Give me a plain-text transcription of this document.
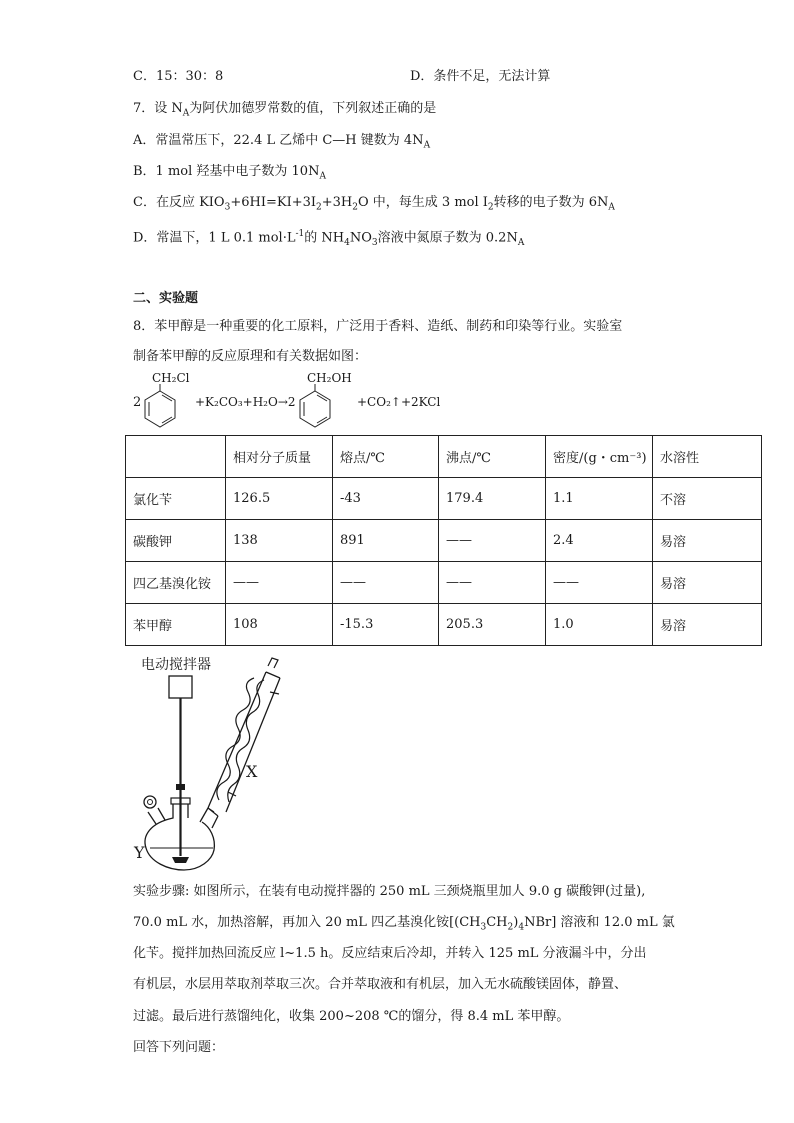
C．15：30：8	D．条件不足，无法计算
7．设 $N_A$为阿伏加德罗常数的值，下列叙述正确的是
A．常温常压下，22.4 L 乙烯中 C—H 键数为 $4N_A$
B．1 mol 羟基中电子数为 $10N_A$
C．在反应 $KIO_3+6HI=KI+3I_2+3H_2O$ 中，每生成 3 mol $I_2$转移的电子数为 $6N_A$
D．常温下，1 L 0.1 $mol\cdot L^{-1}$的 $NH_4NO_3$溶液中氮原子数为 $0.2N_A$
二、实验题
8．苯甲醇是一种重要的化工原料，广泛用于香料、造纸、制药和印染等行业。实验室
制备苯甲醇的反应原理和有关数据如图：
2
CH₂Cl
+K₂CO₃+H₂O→2
CH₂OH
+CO₂↑+2KCl
	相对分子质量	熔点/℃	沸点/℃	密度/(g・cm⁻³)	水溶性
氯化苄	126.5	-43	179.4	1.1	不溶
碳酸钾	138	891	——	2.4	易溶
四乙基溴化铵	——	——	——	——	易溶
苯甲醇	108	-15.3	205.3	1.0	易溶
电动搅拌器
X
Y
实验步骤: 如图所示，在装有电动搅拌器的 250 mL 三颈烧瓶里加人 9.0 g 碳酸钾(过量),
70.0 mL 水，加热溶解，再加入 20 mL 四乙基溴化铵$[(CH_3CH_2)_4NBr]$ 溶液和 12.0 mL 氯
化苄。搅拌加热回流反应 l~1.5 h。反应结束后冷却，并转入 125 mL 分液漏斗中，分出
有机层，水层用萃取剂萃取三次。合并萃取液和有机层，加入无水硫酸镁固体，静置、
过滤。最后进行蒸馏纯化，收集 200~208 ℃的馏分，得 8.4 mL 苯甲醇。
回答下列问题：
